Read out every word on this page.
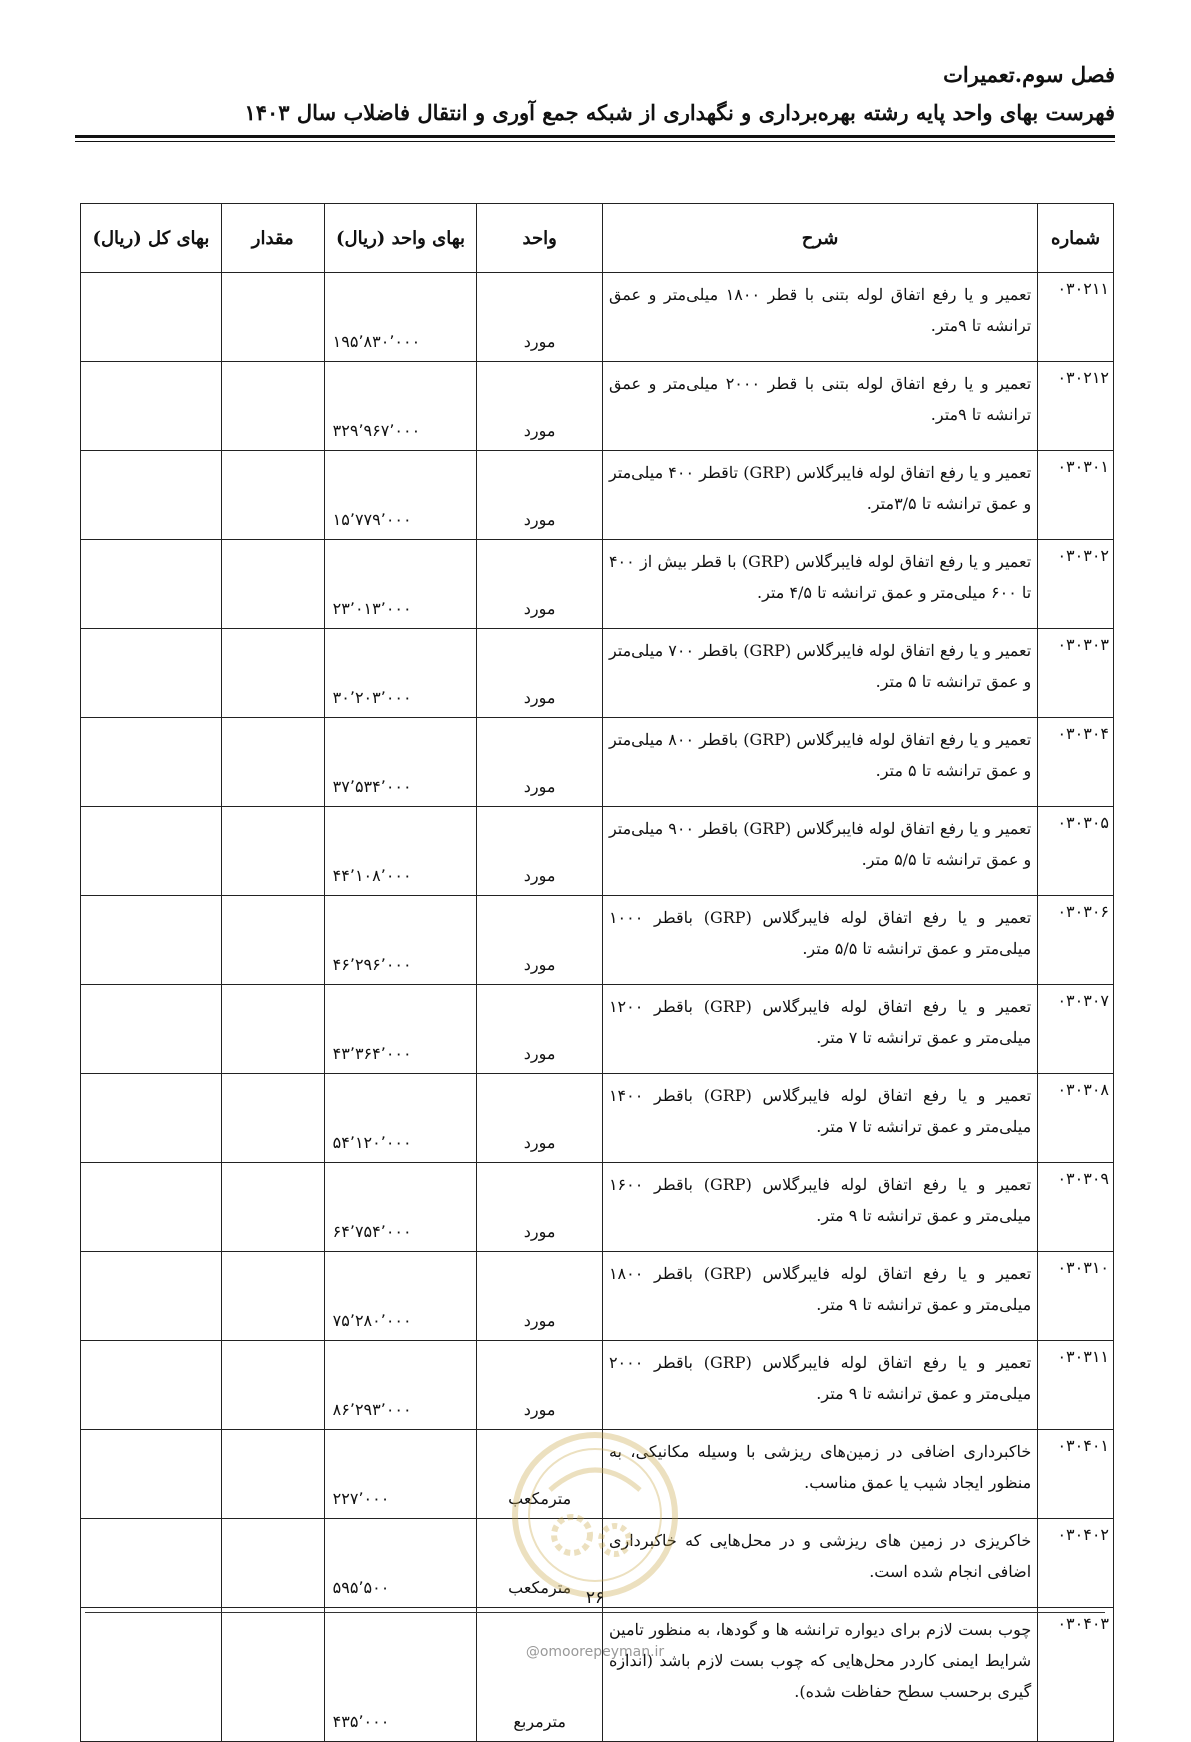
فصل سوم.تعمیرات
فهرست بهای واحد پایه رشته بهره‌برداری و نگهداری از شبکه جمع آوری و انتقال فاضلاب سال ۱۴۰۳
شماره	شرح	واحد	بهای واحد (ریال)	مقدار	بهای کل (ریال)
۰۳۰۲۱۱	تعمیر و یا رفع اتفاق لوله بتنی با قطر ۱۸۰۰ میلی‌متر و عمق ترانشه تا ۹متر.	مورد	۱۹۵٬۸۳۰٬۰۰۰		
۰۳۰۲۱۲	تعمیر و یا رفع اتفاق لوله بتنی با قطر ۲۰۰۰ میلی‌متر و عمق ترانشه تا ۹متر.	مورد	۳۲۹٬۹۶۷٬۰۰۰		
۰۳۰۳۰۱	تعمیر و یا رفع اتفاق لوله فایبرگلاس (GRP) تاقطر ۴۰۰ میلی‌متر و عمق ترانشه تا ۳/۵متر.	مورد	۱۵٬۷۷۹٬۰۰۰		
۰۳۰۳۰۲	تعمیر و یا رفع اتفاق لوله فایبرگلاس (GRP) با قطر بیش از ۴۰۰ تا ۶۰۰ میلی‌متر و عمق ترانشه تا ۴/۵ متر.	مورد	۲۳٬۰۱۳٬۰۰۰		
۰۳۰۳۰۳	تعمیر و یا رفع اتفاق لوله فایبرگلاس (GRP) باقطر ۷۰۰ میلی‌متر و عمق ترانشه تا ۵ متر.	مورد	۳۰٬۲۰۳٬۰۰۰		
۰۳۰۳۰۴	تعمیر و یا رفع اتفاق لوله فایبرگلاس (GRP) باقطر ۸۰۰ میلی‌متر و عمق ترانشه تا ۵ متر.	مورد	۳۷٬۵۳۴٬۰۰۰		
۰۳۰۳۰۵	تعمیر و یا رفع اتفاق لوله فایبرگلاس (GRP) باقطر ۹۰۰ میلی‌متر و عمق ترانشه تا ۵/۵ متر.	مورد	۴۴٬۱۰۸٬۰۰۰		
۰۳۰۳۰۶	تعمیر و یا رفع اتفاق لوله فایبرگلاس (GRP) باقطر ۱۰۰۰ میلی‌متر و عمق ترانشه تا ۵/۵ متر.	مورد	۴۶٬۲۹۶٬۰۰۰		
۰۳۰۳۰۷	تعمیر و یا رفع اتفاق لوله فایبرگلاس (GRP) باقطر ۱۲۰۰ میلی‌متر و عمق ترانشه تا ۷ متر.	مورد	۴۳٬۳۶۴٬۰۰۰		
۰۳۰۳۰۸	تعمیر و یا رفع اتفاق لوله فایبرگلاس (GRP) باقطر ۱۴۰۰ میلی‌متر و عمق ترانشه تا ۷ متر.	مورد	۵۴٬۱۲۰٬۰۰۰		
۰۳۰۳۰۹	تعمیر و یا رفع اتفاق لوله فایبرگلاس (GRP) باقطر ۱۶۰۰ میلی‌متر و عمق ترانشه تا ۹ متر.	مورد	۶۴٬۷۵۴٬۰۰۰		
۰۳۰۳۱۰	تعمیر و یا رفع اتفاق لوله فایبرگلاس (GRP) باقطر ۱۸۰۰ میلی‌متر و عمق ترانشه تا ۹ متر.	مورد	۷۵٬۲۸۰٬۰۰۰		
۰۳۰۳۱۱	تعمیر و یا رفع اتفاق لوله فایبرگلاس (GRP) باقطر ۲۰۰۰ میلی‌متر و عمق ترانشه تا ۹ متر.	مورد	۸۶٬۲۹۳٬۰۰۰		
۰۳۰۴۰۱	خاکبرداری اضافی در زمین‌های ریزشی با وسیله مکانیکی، به منظور ایجاد شیب یا عمق مناسب.	مترمکعب	۲۲۷٬۰۰۰		
۰۳۰۴۰۲	خاکریزی در زمین های ریزشی و در محل‌هایی که خاکبرداری اضافی انجام شده است.	مترمکعب	۵۹۵٬۵۰۰		
۰۳۰۴۰۳	چوب بست لازم برای دیواره ترانشه ها و گودها، به منظور تامین شرایط ایمنی کاردر محل‌هایی که چوب بست لازم باشد (اندازه گیری برحسب سطح حفاظت شده).	مترمربع	۴۳۵٬۰۰۰		
۲۶
@omoorepeyman.ir
